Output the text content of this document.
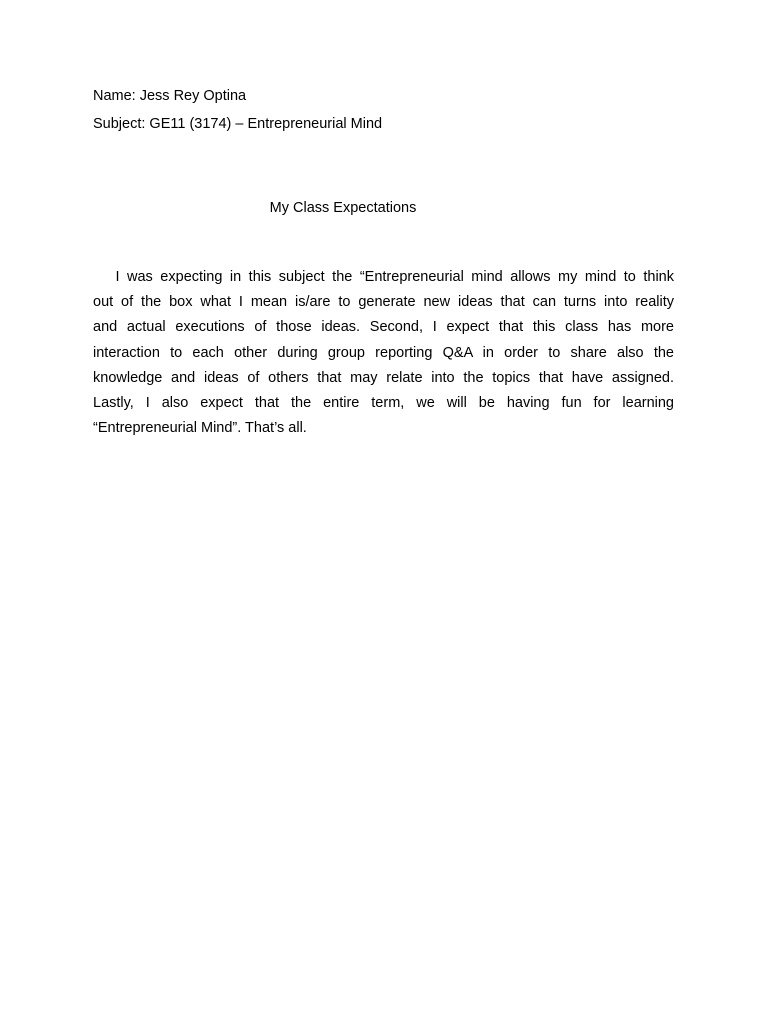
Name: Jess Rey Optina
Subject: GE11 (3174) – Entrepreneurial Mind
My Class Expectations
I was expecting in this subject the “Entrepreneurial mind allows my mind to think
out of the box what I mean is/are to generate new ideas that can turns into reality
and actual executions of those ideas. Second, I expect that this class has more
interaction to each other during group reporting Q&A in order to share also the
knowledge and ideas of others that may relate into the topics that have assigned.
Lastly, I also expect that the entire term, we will be having fun for learning
“Entrepreneurial Mind”. That’s all.
